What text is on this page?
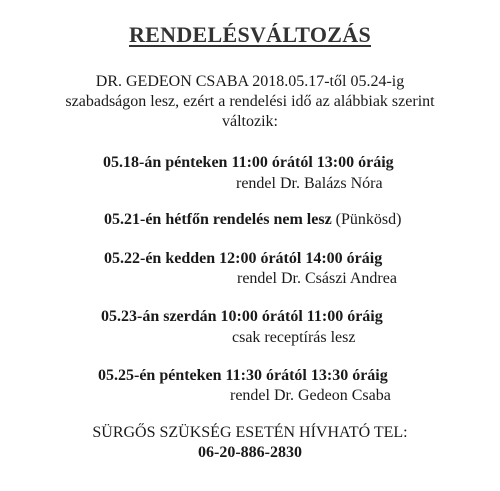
RENDELÉSVÁLTOZÁS
DR. GEDEON CSABA 2018.05.17-től 05.24-ig
szabadságon lesz, ezért a rendelési idő az alábbiak szerint
változik:
05.18-án pénteken 11:00 órától 13:00 óráig
rendel Dr. Balázs Nóra
05.21-én hétfőn rendelés nem lesz (Pünkösd)
05.22-én kedden 12:00 órától 14:00 óráig
rendel Dr. Császi Andrea
05.23-án szerdán 10:00 órától 11:00 óráig
csak receptírás lesz
05.25-én pénteken 11:30 órától 13:30 óráig
rendel Dr. Gedeon Csaba
SÜRGŐS SZÜKSÉG ESETÉN HÍVHATÓ TEL:
06-20-886-2830
